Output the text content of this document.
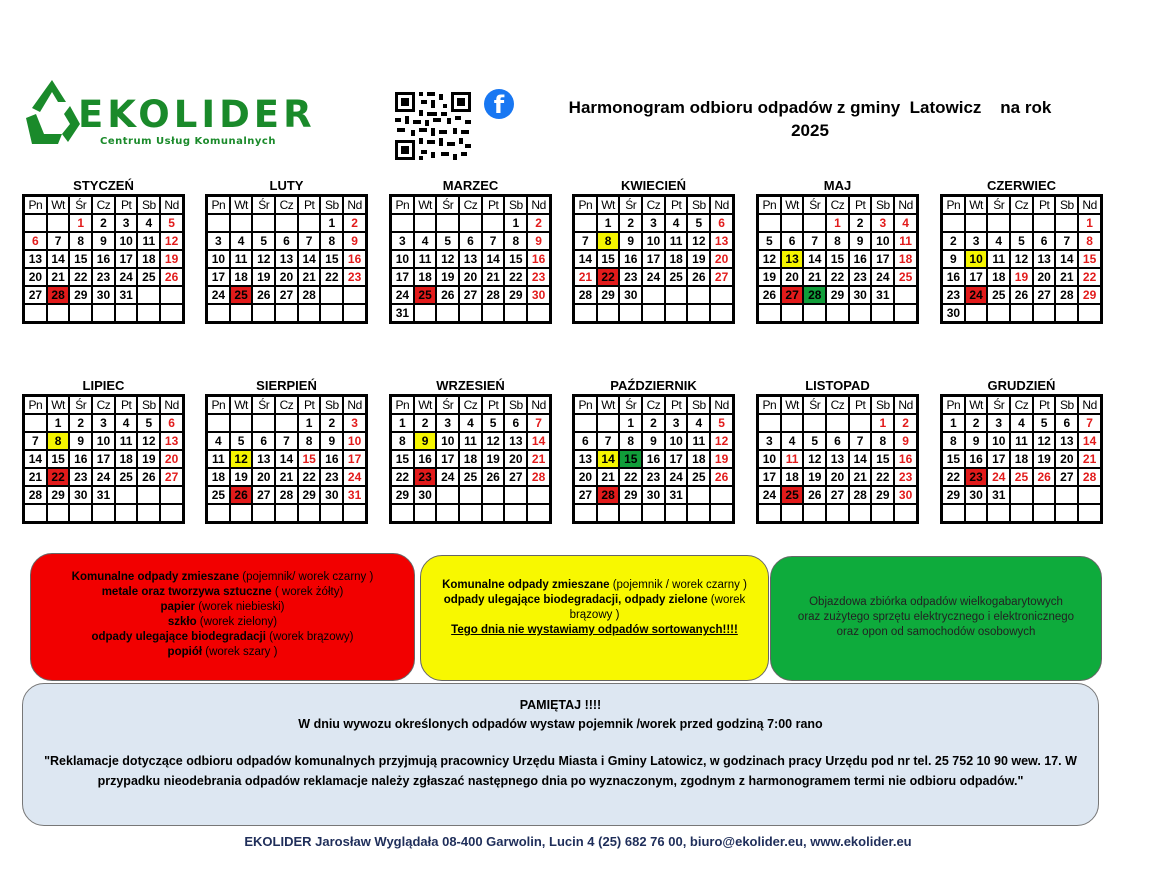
EKOLIDER
Centrum Usług Komunalnych
f	Harmonogram odbioru odpadów z gminy  Latowicz    na rok
2025
STYCZEŃ
Pn	Wt	Śr	Cz	Pt	Sb	Nd
		1	2	3	4	5
6	7	8	9	10	11	12
13	14	15	16	17	18	19
20	21	22	23	24	25	26
27	28	29	30	31		

LUTY
Pn	Wt	Śr	Cz	Pt	Sb	Nd
					1	2
3	4	5	6	7	8	9
10	11	12	13	14	15	16
17	18	19	20	21	22	23
24	25	26	27	28		

MARZEC
Pn	Wt	Śr	Cz	Pt	Sb	Nd
					1	2
3	4	5	6	7	8	9
10	11	12	13	14	15	16
17	18	19	20	21	22	23
24	25	26	27	28	29	30
31						
KWIECIEŃ
Pn	Wt	Śr	Cz	Pt	Sb	Nd
	1	2	3	4	5	6
7	8	9	10	11	12	13
14	15	16	17	18	19	20
21	22	23	24	25	26	27
28	29	30				

MAJ
Pn	Wt	Śr	Cz	Pt	Sb	Nd
			1	2	3	4
5	6	7	8	9	10	11
12	13	14	15	16	17	18
19	20	21	22	23	24	25
26	27	28	29	30	31	

CZERWIEC
Pn	Wt	Śr	Cz	Pt	Sb	Nd
						1
2	3	4	5	6	7	8
9	10	11	12	13	14	15
16	17	18	19	20	21	22
23	24	25	26	27	28	29
30						
LIPIEC
Pn	Wt	Śr	Cz	Pt	Sb	Nd
	1	2	3	4	5	6
7	8	9	10	11	12	13
14	15	16	17	18	19	20
21	22	23	24	25	26	27
28	29	30	31			

SIERPIEŃ
Pn	Wt	Śr	Cz	Pt	Sb	Nd
				1	2	3
4	5	6	7	8	9	10
11	12	13	14	15	16	17
18	19	20	21	22	23	24
25	26	27	28	29	30	31

WRZESIEŃ
Pn	Wt	Śr	Cz	Pt	Sb	Nd
1	2	3	4	5	6	7
8	9	10	11	12	13	14
15	16	17	18	19	20	21
22	23	24	25	26	27	28
29	30					

PAŹDZIERNIK
Pn	Wt	Śr	Cz	Pt	Sb	Nd
		1	2	3	4	5
6	7	8	9	10	11	12
13	14	15	16	17	18	19
20	21	22	23	24	25	26
27	28	29	30	31		

LISTOPAD
Pn	Wt	Śr	Cz	Pt	Sb	Nd
					1	2
3	4	5	6	7	8	9
10	11	12	13	14	15	16
17	18	19	20	21	22	23
24	25	26	27	28	29	30

GRUDZIEŃ
Pn	Wt	Śr	Cz	Pt	Sb	Nd
1	2	3	4	5	6	7
8	9	10	11	12	13	14
15	16	17	18	19	20	21
22	23	24	25	26	27	28
29	30	31				

Komunalne odpady zmieszane (pojemnik/ worek czarny )
metale oraz tworzywa sztuczne ( worek żółty)
papier (worek niebieski)
szkło (worek zielony)
odpady ulegające biodegradacji (worek brązowy)
popiół (worek szary )
Komunalne odpady zmieszane (pojemnik / worek czarny )
odpady ulegające biodegradacji, odpady zielone (worek brązowy )
Tego dnia nie wystawiamy odpadów sortowanych!!!!
Objazdowa zbiórka odpadów wielkogabarytowych
oraz zużytego sprzętu elektrycznego i elektronicznego
oraz opon od samochodów osobowych
PAMIĘTAJ !!!!
W dniu wywozu określonych odpadów wystaw pojemnik /worek przed godziną 7:00 rano
"Reklamacje dotyczące odbioru odpadów komunalnych przyjmują pracownicy Urzędu Miasta i Gminy Latowicz, w godzinach pracy Urzędu pod nr tel. 25 752 10 90 wew. 17. W przypadku nieodebrania odpadów reklamacje należy zgłaszać następnego dnia po wyznaczonym, zgodnym z harmonogramem termi nie odbioru odpadów."
EKOLIDER Jarosław Wyglądała 08-400 Garwolin, Lucin 4 (25) 682 76 00, biuro@ekolider.eu, www.ekolider.eu
